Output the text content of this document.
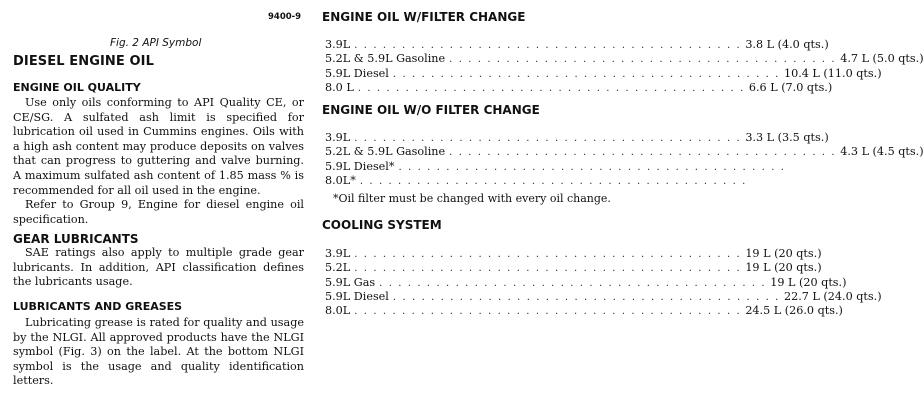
9400-9
Fig. 2 API Symbol
DIESEL ENGINE OIL
ENGINE OIL QUALITY

Use only oils conforming to API Quality CE, or CE/SG. A sulfated ash limit is specified for lubrication oil used in Cummins engines. Oils with a high ash content may produce deposits on valves that can progress to guttering and valve burning. A maximum sulfated ash content of 1.85 mass % is recommended for all oil used in the engine.

Refer to Group 9, Engine for diesel engine oil specification.

GEAR LUBRICANTS

SAE ratings also apply to multiple grade gear lubricants. In addition, API classification defines the lubricants usage.

LUBRICANTS AND GREASES

Lubricating grease is rated for quality and usage by the NLGI. All approved products have the NLGI symbol (Fig. 3) on the label. At the bottom NLGI symbol is the usage and quality identification letters.

ENGINE OIL W/FILTER CHANGE
3.9L . . . . . . . . . . . . . . . . . . . . . . . . . . . . . . . . . . . . . . . . . 3.8 L (4.0 qts.)
5.2L & 5.9L Gasoline . . . . . . . . . . . . . . . . . . . . . . . . . . . . . . . . . . . . . . . . . 4.7 L (5.0 qts.)
5.9L Diesel . . . . . . . . . . . . . . . . . . . . . . . . . . . . . . . . . . . . . . . . . 10.4 L (11.0 qts.)
8.0 L . . . . . . . . . . . . . . . . . . . . . . . . . . . . . . . . . . . . . . . . . 6.6 L (7.0 qts.)
ENGINE OIL W/O FILTER CHANGE
3.9L . . . . . . . . . . . . . . . . . . . . . . . . . . . . . . . . . . . . . . . . . 3.3 L (3.5 qts.)
5.2L & 5.9L Gasoline . . . . . . . . . . . . . . . . . . . . . . . . . . . . . . . . . . . . . . . . . 4.3 L (4.5 qts.)
5.9L Diesel* . . . . . . . . . . . . . . . . . . . . . . . . . . . . . . . . . . . . . . . . .
8.0L* . . . . . . . . . . . . . . . . . . . . . . . . . . . . . . . . . . . . . . . . .
*Oil filter must be changed with every oil change.
COOLING SYSTEM
3.9L . . . . . . . . . . . . . . . . . . . . . . . . . . . . . . . . . . . . . . . . . 19 L (20 qts.)
5.2L . . . . . . . . . . . . . . . . . . . . . . . . . . . . . . . . . . . . . . . . . 19 L (20 qts.)
5.9L Gas . . . . . . . . . . . . . . . . . . . . . . . . . . . . . . . . . . . . . . . . . 19 L (20 qts.)
5.9L Diesel . . . . . . . . . . . . . . . . . . . . . . . . . . . . . . . . . . . . . . . . . 22.7 L (24.0 qts.)
8.0L . . . . . . . . . . . . . . . . . . . . . . . . . . . . . . . . . . . . . . . . . 24.5 L (26.0 qts.)
